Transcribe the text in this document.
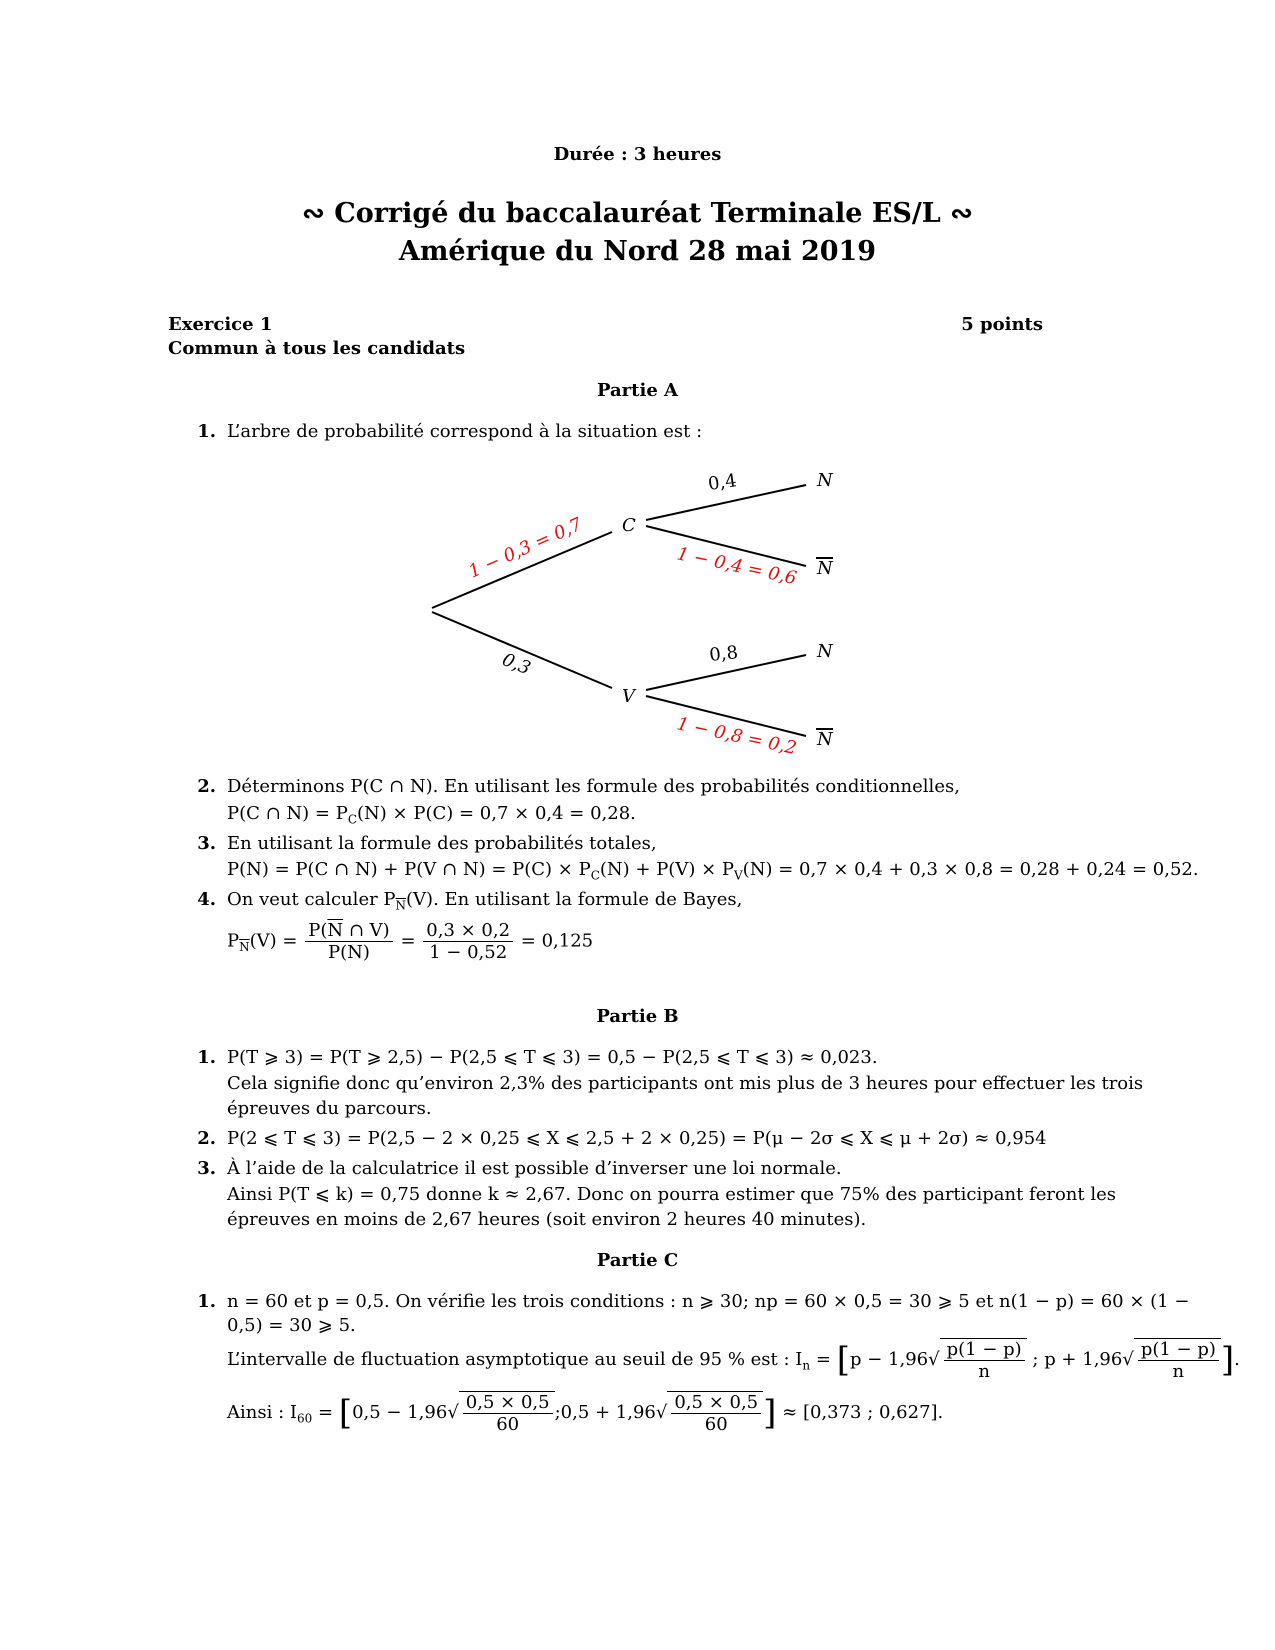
Durée : 3 heures
∾ Corrigé du baccalauréat Terminale ES/L ∾
Amérique du Nord 28 mai 2019
Exercice 1	5 points
Commun à tous les candidats
Partie A
1. L’arbre de probabilité correspond à la situation est :
C
V
N
N
N
N
0,4
0,8
0,3
1 − 0,3 = 0,7	1 − 0,4 = 0,6
1 − 0,8 = 0,2
2. Déterminons P(C ∩ N). En utilisant les formule des probabilités conditionnelles,
P(C ∩ $N) = P_C(N) \times P(C) = 0,7 \times 0,4 = 0,28$.
3. En utilisant la formule des probabilités totales,
P(N) = P(C ∩ N) + P(V ∩ $N) = P(C) \times P_C(N) + P(V) \times P_V(N) = 0,7 \times 0,4 + 0,3 \times 0,8 = 0,28 + 0,24 = 0,52$.
4. On veut calculer $P_{\overline{N}}(V)$. En utilisant la formule de Bayes,
$P_{\overline{N}}(V) = \frac{P(\overline{N} \cap V)}{P(\overline{N})} = \frac{0,3 \times 0,2}{1 - 0,52} = 0,125$
Partie B
1. P(T ⩾ 3) = P(T ⩾ 2,5) − P(2,5 ⩽ T ⩽ 3) = 0,5 − P(2,5 ⩽ T ⩽ 3) ≈ 0,023.
Cela signifie donc qu’environ 2,3% des participants ont mis plus de 3 heures pour effectuer les trois
épreuves du parcours.
2. P(2 ⩽ T ⩽ 3) = P(2,5 − 2 × 0,25 ⩽ X ⩽ 2,5 + 2 × 0,25) = P(μ − 2σ ⩽ X ⩽ μ + 2σ) ≈ 0,954
3. À l’aide de la calculatrice il est possible d’inverser une loi normale.
Ainsi P(T ⩽ k) = 0,75 donne k ≈ 2,67. Donc on pourra estimer que 75% des participant feront les
épreuves en moins de 2,67 heures (soit environ 2 heures 40 minutes).
Partie C
1. n = 60 et p = 0,5. On vérifie les trois conditions : n ⩾ 30; np = 60 × 0,5 = 30 ⩾ 5 et n(1 − p) = 60 × (1 −
0,5) = 30 ⩾ 5.
L’intervalle de fluctuation asymptotique au seuil de 95 % est : $I_n = [p - 1,96√ \frac{p(1 - p)}{n}$ ; $p + 1,96√ \frac{p(1 - p)}{n}$ ].
Ainsi : $I_{60} = [0,5 - 1,96√ \frac{0,5 \times 0,5}{60}$ ;0,5 + $1,96√ \frac{0,5 \times 0,5}{60}$ ] ≈ [0,373 ; 0,627].
